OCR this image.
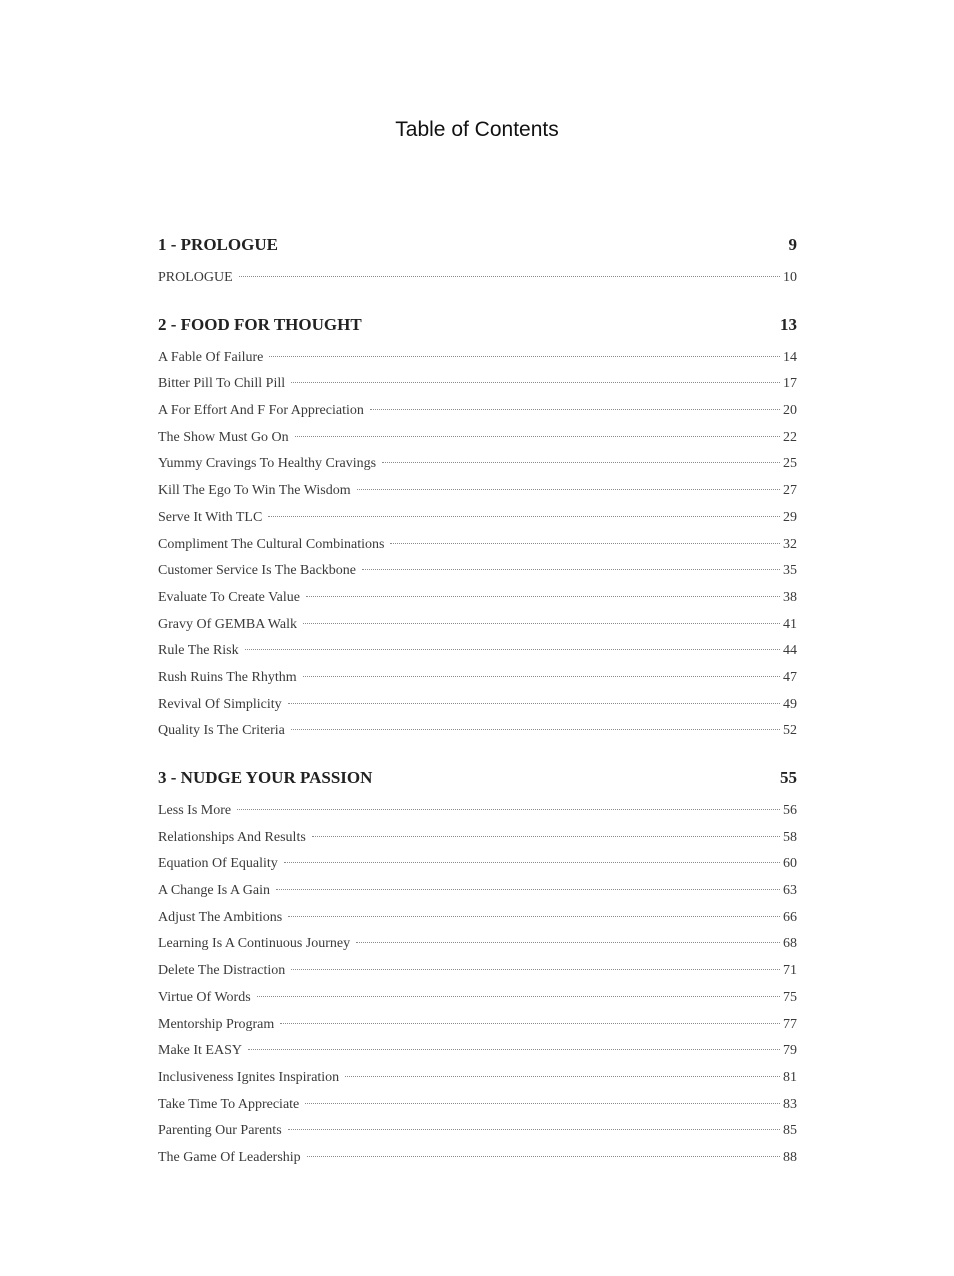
Table of Contents
1 - PROLOGUE	9
PROLOGUE	10
2 - FOOD FOR THOUGHT	13
A Fable Of Failure	14
Bitter Pill To Chill Pill	17
A For Effort And F For Appreciation	20
The Show Must Go On	22
Yummy Cravings To Healthy Cravings	25
Kill The Ego To Win The Wisdom	27
Serve It With TLC	29
Compliment The Cultural Combinations	32
Customer Service Is The Backbone	35
Evaluate To Create Value	38
Gravy Of GEMBA Walk	41
Rule The Risk	44
Rush Ruins The Rhythm	47
Revival Of Simplicity	49
Quality Is The Criteria	52
3 - NUDGE YOUR PASSION	55
Less Is More	56
Relationships And Results	58
Equation Of Equality	60
A Change Is A Gain	63
Adjust The Ambitions	66
Learning Is A Continuous Journey	68
Delete The Distraction	71
Virtue Of Words	75
Mentorship Program	77
Make It EASY	79
Inclusiveness Ignites Inspiration	81
Take Time To Appreciate	83
Parenting Our Parents	85
The Game Of Leadership	88
